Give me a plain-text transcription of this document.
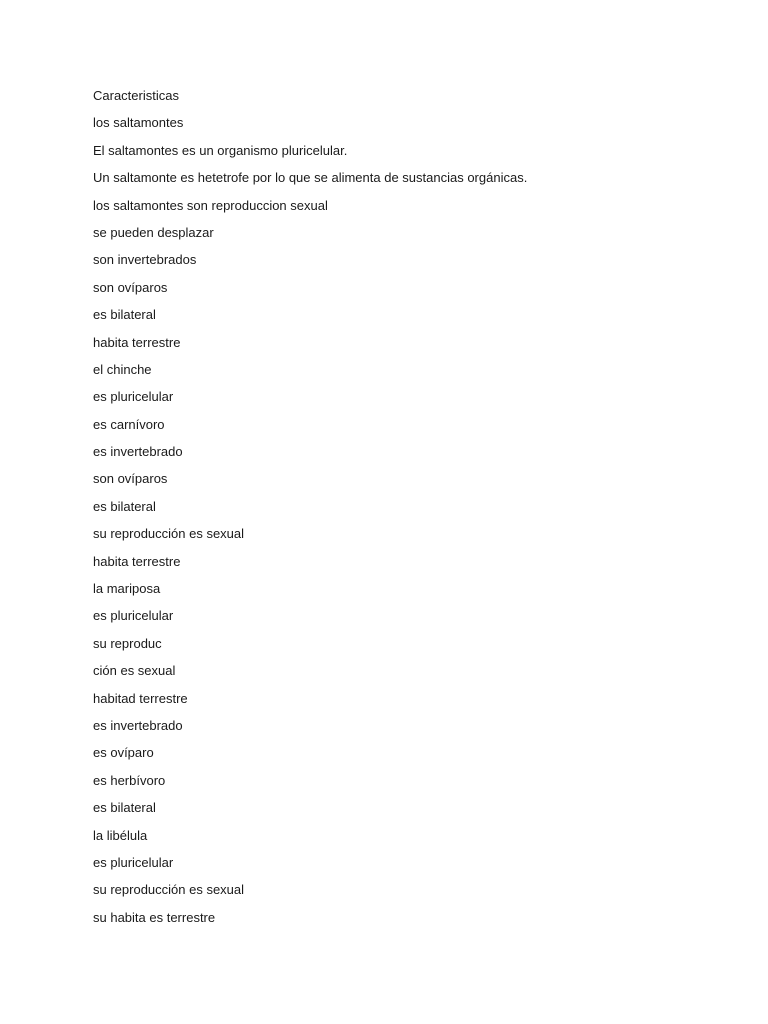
Caracteristicas
los saltamontes
El saltamontes es un organismo pluricelular.
Un saltamonte es hetetrofe por lo que se alimenta de sustancias orgánicas.
los saltamontes son reproduccion sexual
se pueden desplazar
son invertebrados
son ovíparos
es bilateral
habita terrestre
el chinche
es pluricelular
es carnívoro
es invertebrado
son ovíparos
es bilateral
su reproducción es sexual
habita terrestre
la mariposa
es pluricelular
su reproduc
ción es sexual
habitad terrestre
es invertebrado
es ovíparo
es herbívoro
es bilateral
la libélula
es pluricelular
su reproducción es sexual
su habita es terrestre
